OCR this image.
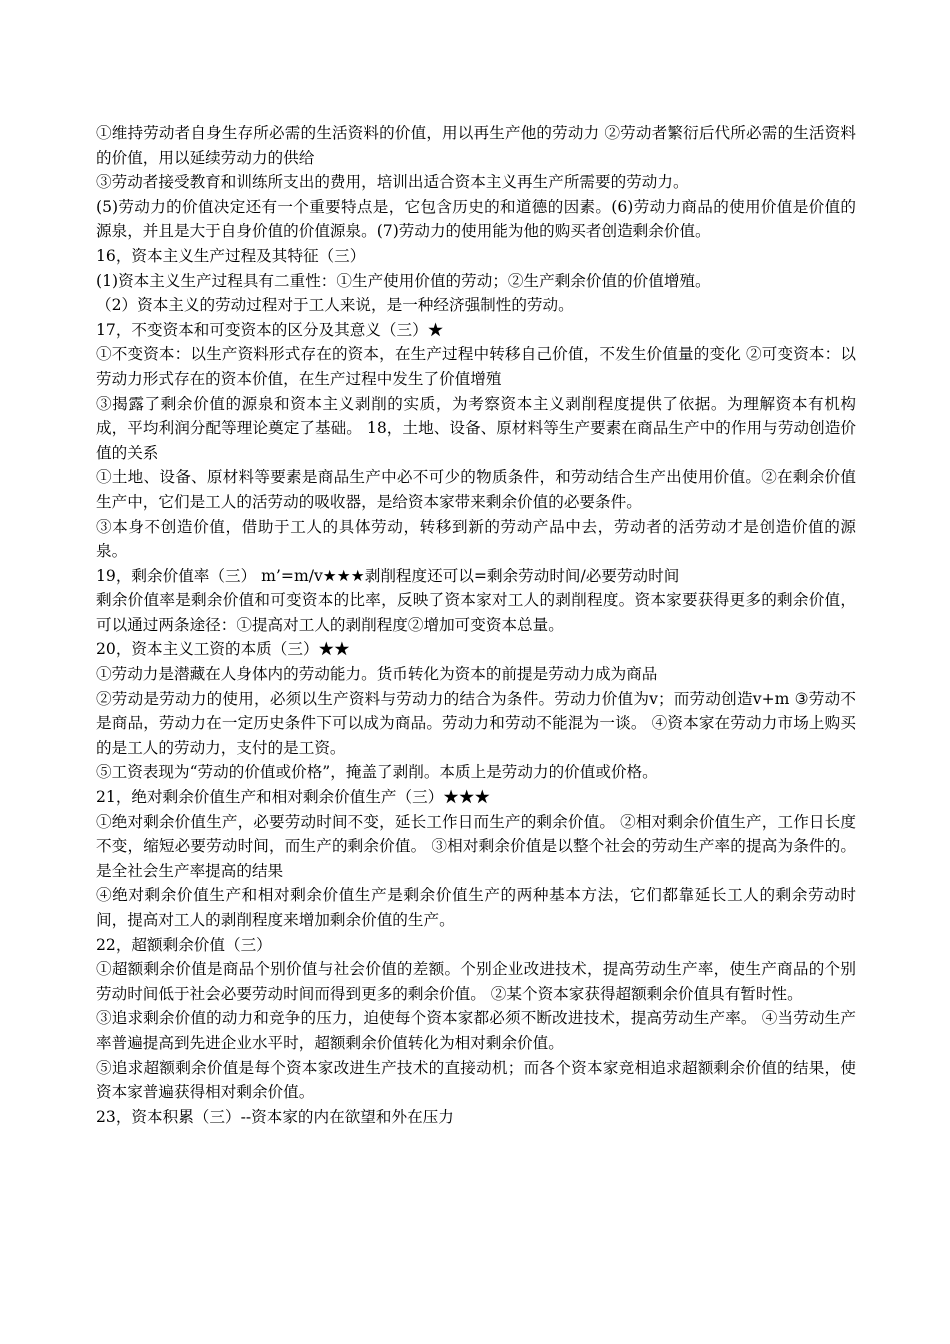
①维持劳动者自身生存所必需的生活资料的价值，用以再生产他的劳动力 ②劳动者繁衍后代所必需的生活资料的价值，用以延续劳动力的供给

③劳动者接受教育和训练所支出的费用，培训出适合资本主义再生产所需要的劳动力。

(5)劳动力的价值决定还有一个重要特点是，它包含历史的和道德的因素。(6)劳动力商品的使用价值是价值的源泉，并且是大于自身价值的价值源泉。(7)劳动力的使用能为他的购买者创造剩余价值。

16，资本主义生产过程及其特征（三）

(1)资本主义生产过程具有二重性：①生产使用价值的劳动；②生产剩余价值的价值增殖。

（2）资本主义的劳动过程对于工人来说，是一种经济强制性的劳动。

17，不变资本和可变资本的区分及其意义（三）★

①不变资本：以生产资料形式存在的资本，在生产过程中转移自己价值，不发生价值量的变化 ②可变资本：以劳动力形式存在的资本价值，在生产过程中发生了价值增殖

③揭露了剩余价值的源泉和资本主义剥削的实质，为考察资本主义剥削程度提供了依据。为理解资本有机构成，平均利润分配等理论奠定了基础。 18，土地、设备、原材料等生产要素在商品生产中的作用与劳动创造价值的关系

①土地、设备、原材料等要素是商品生产中必不可少的物质条件，和劳动结合生产出使用价值。②在剩余价值生产中，它们是工人的活劳动的吸收器，是给资本家带来剩余价值的必要条件。

③本身不创造价值，借助于工人的具体劳动，转移到新的劳动产品中去，劳动者的活劳动才是创造价值的源泉。

19，剩余价值率（三） m’=m/v★★★剥削程度还可以=剩余劳动时间/必要劳动时间

剩余价值率是剩余价值和可变资本的比率，反映了资本家对工人的剥削程度。资本家要获得更多的剩余价值，可以通过两条途径：①提高对工人的剥削程度②增加可变资本总量。

20，资本主义工资的本质（三）★★

①劳动力是潜藏在人身体内的劳动能力。货币转化为资本的前提是劳动力成为商品

②劳动是劳动力的使用，必须以生产资料与劳动力的结合为条件。劳动力价值为v；而劳动创造v+m ③劳动不是商品，劳动力在一定历史条件下可以成为商品。劳动力和劳动不能混为一谈。 ④资本家在劳动力市场上购买的是工人的劳动力，支付的是工资。

⑤工资表现为“劳动的价值或价格”，掩盖了剥削。本质上是劳动力的价值或价格。

21，绝对剩余价值生产和相对剩余价值生产（三）★★★

①绝对剩余价值生产，必要劳动时间不变，延长工作日而生产的剩余价值。 ②相对剩余价值生产，工作日长度不变，缩短必要劳动时间，而生产的剩余价值。 ③相对剩余价值是以整个社会的劳动生产率的提高为条件的。是全社会生产率提高的结果

④绝对剩余价值生产和相对剩余价值生产是剩余价值生产的两种基本方法，它们都靠延长工人的剩余劳动时间，提高对工人的剥削程度来增加剩余价值的生产。

22，超额剩余价值（三）

①超额剩余价值是商品个别价值与社会价值的差额。个别企业改进技术，提高劳动生产率，使生产商品的个别劳动时间低于社会必要劳动时间而得到更多的剩余价值。 ②某个资本家获得超额剩余价值具有暂时性。

③追求剩余价值的动力和竞争的压力，迫使每个资本家都必须不断改进技术，提高劳动生产率。 ④当劳动生产率普遍提高到先进企业水平时，超额剩余价值转化为相对剩余价值。

⑤追求超额剩余价值是每个资本家改进生产技术的直接动机；而各个资本家竞相追求超额剩余价值的结果，使资本家普遍获得相对剩余价值。

23，资本积累（三）--资本家的内在欲望和外在压力
